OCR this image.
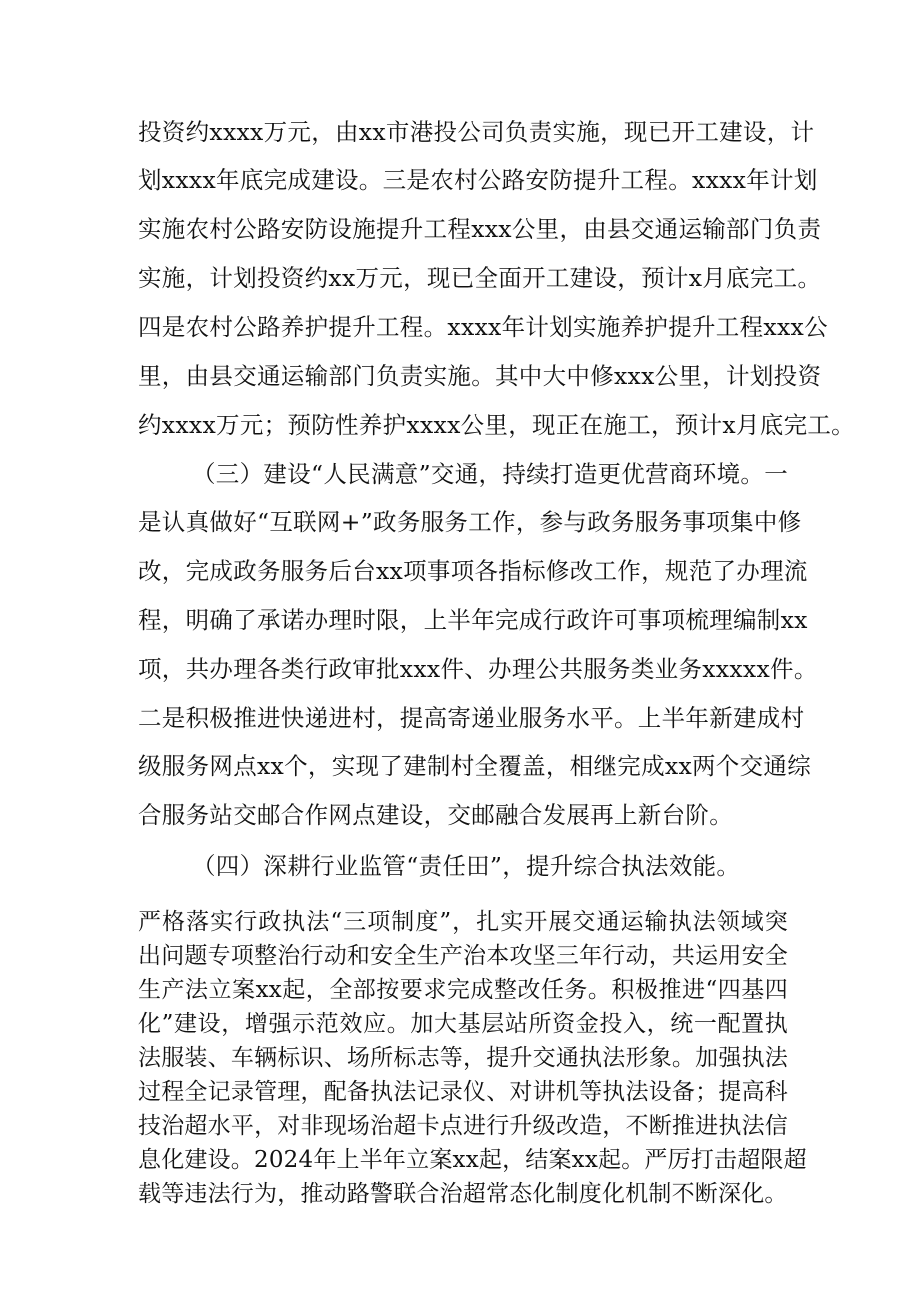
投资约xxxx万元，由xx市港投公司负责实施，现已开工建设，计
划xxxx年底完成建设。三是农村公路安防提升工程。xxxx年计划
实施农村公路安防设施提升工程xxx公里，由县交通运输部门负责
实施，计划投资约xx万元，现已全面开工建设，预计x月底完工。
四是农村公路养护提升工程。xxxx年计划实施养护提升工程xxx公
里，由县交通运输部门负责实施。其中大中修xxx公里，计划投资
约xxxx万元；预防性养护xxxx公里，现正在施工，预计x月底完工。
（三）建设“人民满意”交通，持续打造更优营商环境。一
是认真做好“互联网+”政务服务工作，参与政务服务事项集中修
改，完成政务服务后台xx项事项各指标修改工作，规范了办理流
程，明确了承诺办理时限，上半年完成行政许可事项梳理编制xx
项，共办理各类行政审批xxx件、办理公共服务类业务xxxxx件。
二是积极推进快递进村，提高寄递业服务水平。上半年新建成村
级服务网点xx个，实现了建制村全覆盖，相继完成xx两个交通综
合服务站交邮合作网点建设，交邮融合发展再上新台阶。
（四）深耕行业监管“责任田”，提升综合执法效能。
严格落实行政执法“三项制度”，扎实开展交通运输执法领域突
出问题专项整治行动和安全生产治本攻坚三年行动，共运用安全
生产法立案xx起，全部按要求完成整改任务。积极推进“四基四
化”建设，增强示范效应。加大基层站所资金投入，统一配置执
法服装、车辆标识、场所标志等，提升交通执法形象。加强执法
过程全记录管理，配备执法记录仪、对讲机等执法设备；提高科
技治超水平，对非现场治超卡点进行升级改造，不断推进执法信
息化建设。2024年上半年立案xx起，结案xx起。严厉打击超限超
载等违法行为，推动路警联合治超常态化制度化机制不断深化。
